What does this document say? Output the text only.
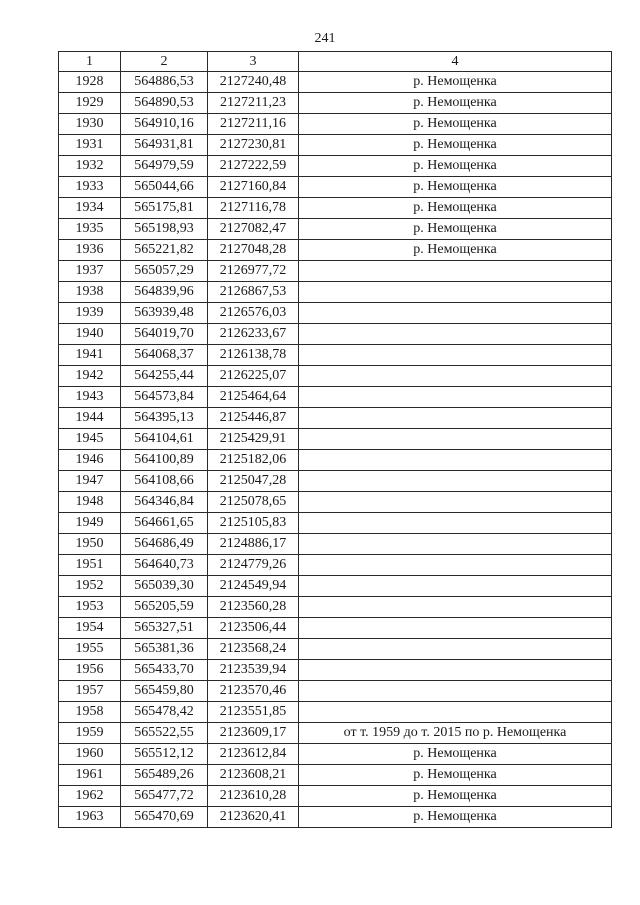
241
1	2	3	4
1928	564886,53	2127240,48	р. Немощенка
1929	564890,53	2127211,23	р. Немощенка
1930	564910,16	2127211,16	р. Немощенка
1931	564931,81	2127230,81	р. Немощенка
1932	564979,59	2127222,59	р. Немощенка
1933	565044,66	2127160,84	р. Немощенка
1934	565175,81	2127116,78	р. Немощенка
1935	565198,93	2127082,47	р. Немощенка
1936	565221,82	2127048,28	р. Немощенка
1937	565057,29	2126977,72	
1938	564839,96	2126867,53	
1939	563939,48	2126576,03	
1940	564019,70	2126233,67	
1941	564068,37	2126138,78	
1942	564255,44	2126225,07	
1943	564573,84	2125464,64	
1944	564395,13	2125446,87	
1945	564104,61	2125429,91	
1946	564100,89	2125182,06	
1947	564108,66	2125047,28	
1948	564346,84	2125078,65	
1949	564661,65	2125105,83	
1950	564686,49	2124886,17	
1951	564640,73	2124779,26	
1952	565039,30	2124549,94	
1953	565205,59	2123560,28	
1954	565327,51	2123506,44	
1955	565381,36	2123568,24	
1956	565433,70	2123539,94	
1957	565459,80	2123570,46	
1958	565478,42	2123551,85	
1959	565522,55	2123609,17	от т. 1959 до т. 2015 по р. Немощенка
1960	565512,12	2123612,84	р. Немощенка
1961	565489,26	2123608,21	р. Немощенка
1962	565477,72	2123610,28	р. Немощенка
1963	565470,69	2123620,41	р. Немощенка
